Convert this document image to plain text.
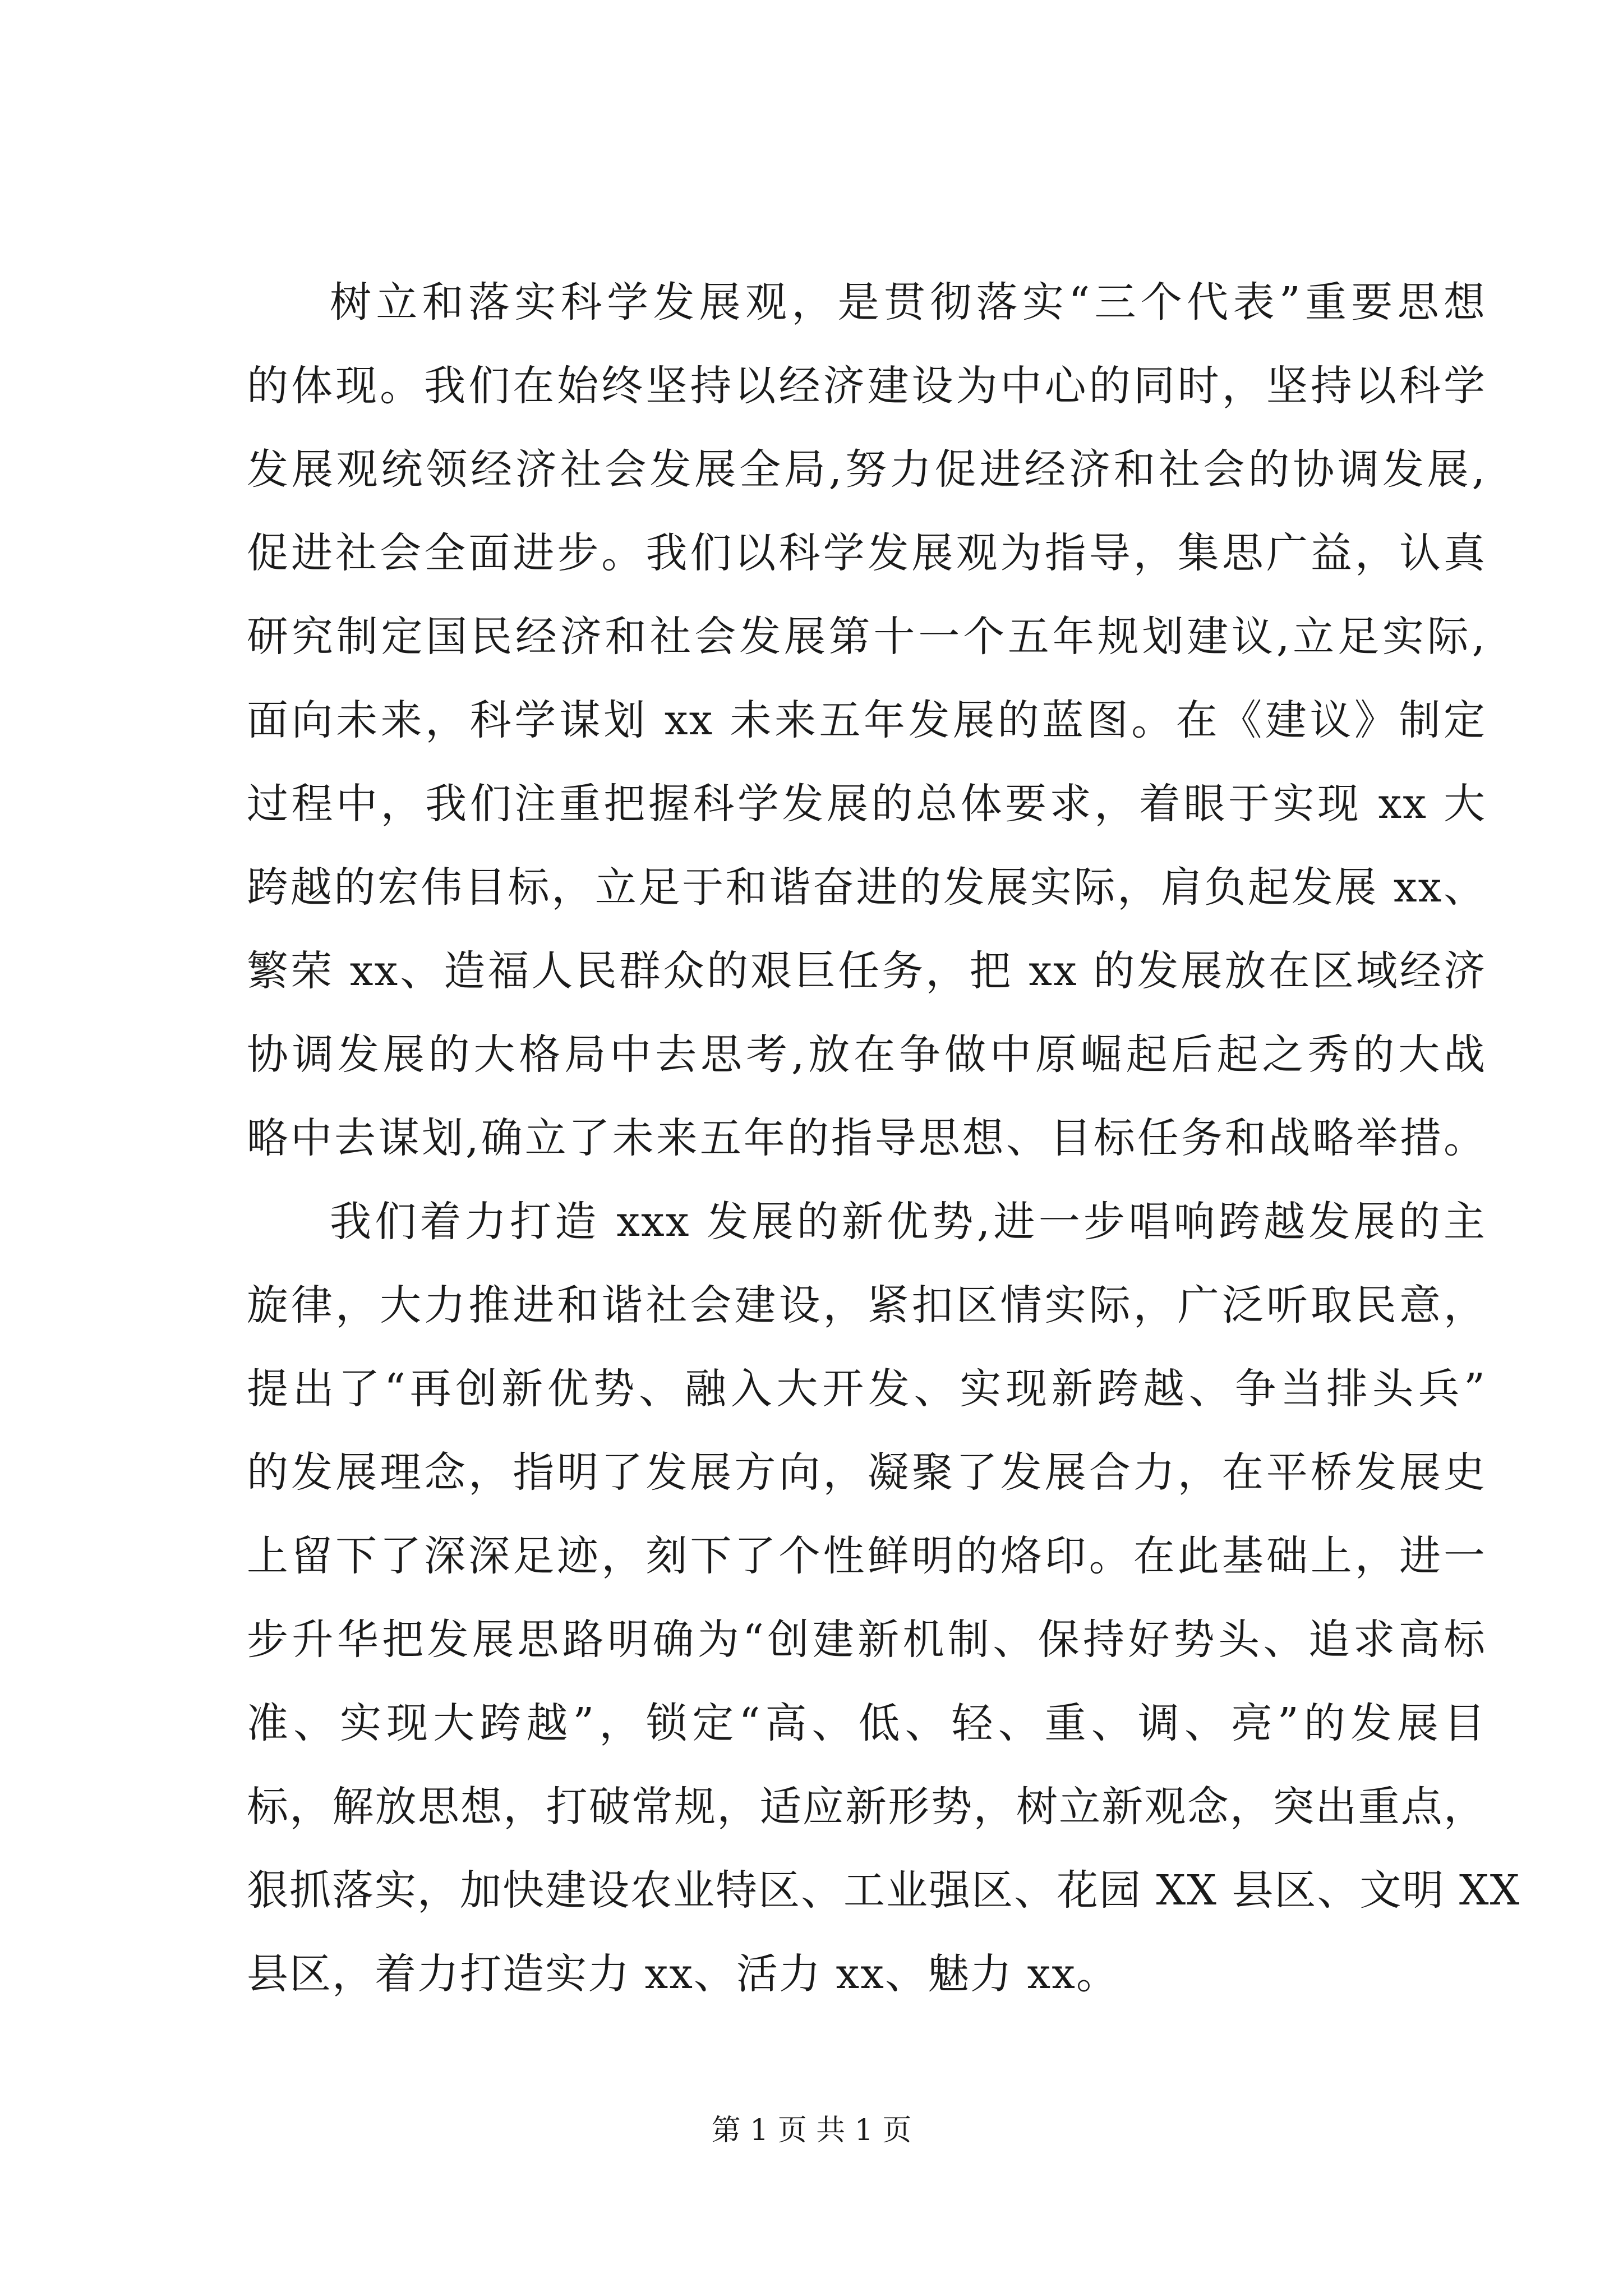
树立和落实科学发展观，是贯彻落实“三个代表”重要思想
的体现。我们在始终坚持以经济建设为中心的同时，坚持以科学
发展观统领经济社会发展全局,努力促进经济和社会的协调发展,
促进社会全面进步。我们以科学发展观为指导，集思广益，认真
研究制定国民经济和社会发展第十一个五年规划建议,立足实际,
面向未来，科学谋划 xx 未来五年发展的蓝图。在《建议》制定
过程中，我们注重把握科学发展的总体要求，着眼于实现 xx 大
跨越的宏伟目标，立足于和谐奋进的发展实际，肩负起发展 xx、
繁荣 xx、造福人民群众的艰巨任务，把 xx 的发展放在区域经济
协调发展的大格局中去思考,放在争做中原崛起后起之秀的大战
略中去谋划,确立了未来五年的指导思想、目标任务和战略举措。
我们着力打造 xxx 发展的新优势,进一步唱响跨越发展的主
旋律，大力推进和谐社会建设，紧扣区情实际，广泛听取民意，
提出了“再创新优势、融入大开发、实现新跨越、争当排头兵”
的发展理念，指明了发展方向，凝聚了发展合力，在平桥发展史
上留下了深深足迹，刻下了个性鲜明的烙印。在此基础上，进一
步升华把发展思路明确为“创建新机制、保持好势头、追求高标
准、实现大跨越”，锁定“高、低、轻、重、调、亮”的发展目
标，解放思想，打破常规，适应新形势，树立新观念，突出重点，
狠抓落实，加快建设农业特区、工业强区、花园 XX 县区、文明 XX
县区，着力打造实力 xx、活力 xx、魅力 xx。
第 1 页 共 1 页
